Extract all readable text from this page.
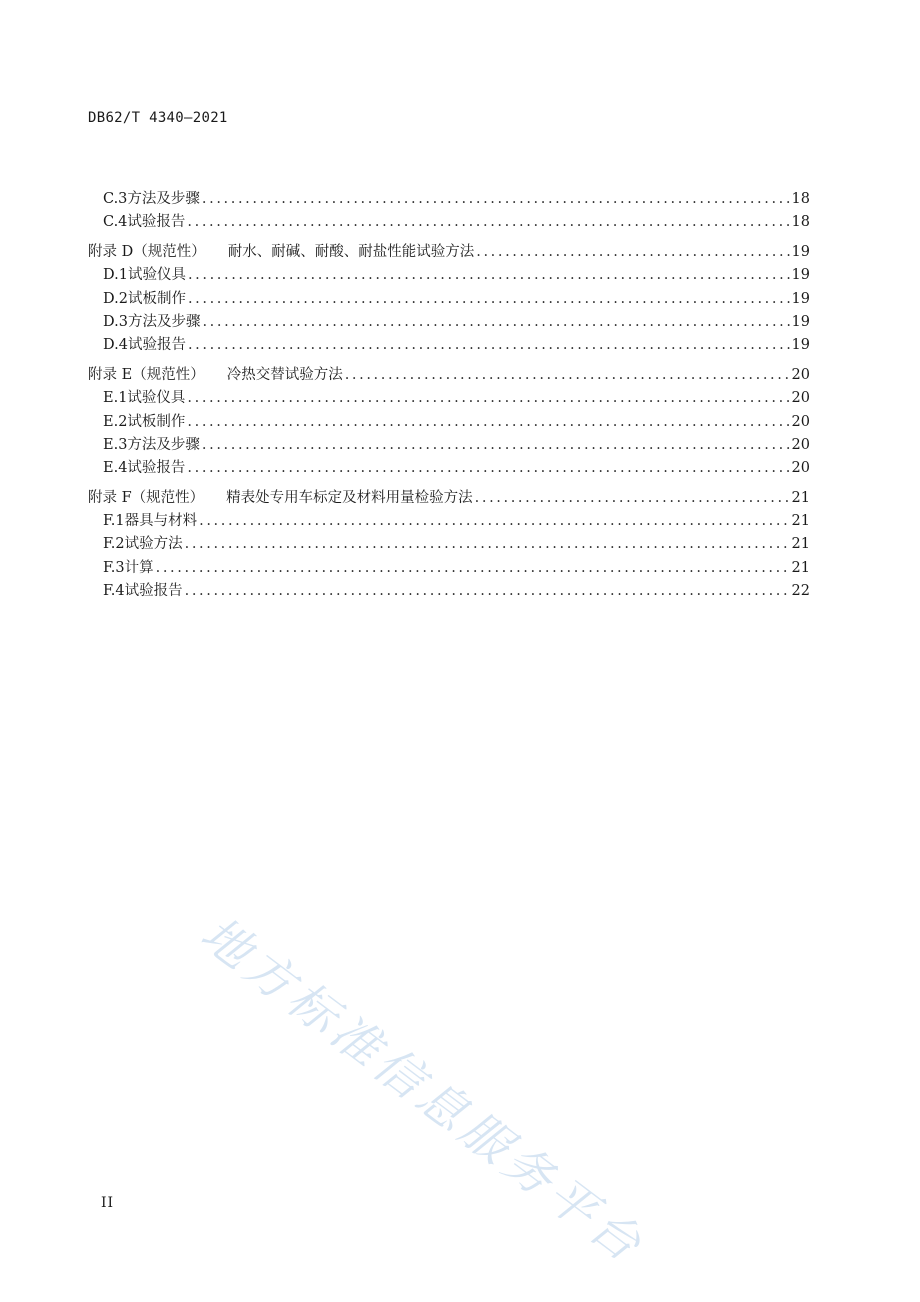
DB62/T 4340—2021
C.3 方法及步骤 .....	18
C.4 试验报告 .....	18
附录 D（规范性） 耐水、耐碱、耐酸、耐盐性能试验方法 .....	19
D.1 试验仪具 .....	19
D.2 试板制作 .....	19
D.3 方法及步骤 .....	19
D.4 试验报告 .....	19
附录 E（规范性） 冷热交替试验方法 .....	20
E.1 试验仪具 .....	20
E.2 试板制作 .....	20
E.3 方法及步骤 .....	20
E.4 试验报告 .....	20
附录 F（规范性） 精表处专用车标定及材料用量检验方法 .....	21
F.1 器具与材料 .....	21
F.2 试验方法 .....	21
F.3 计算 .....	21
F.4 试验报告 .....	22
地方标准信息服务平台
II
